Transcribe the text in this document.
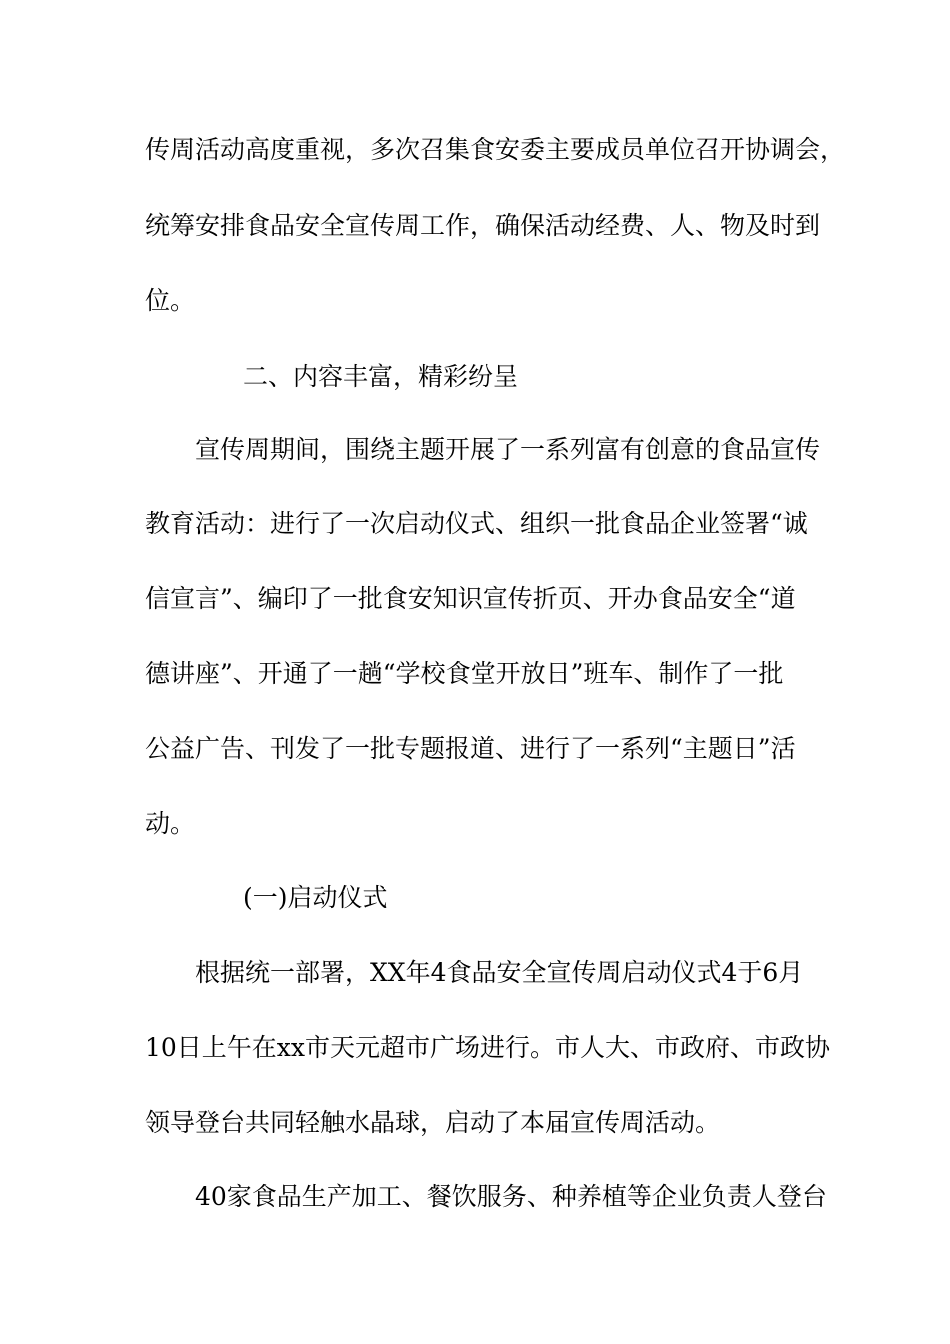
传周活动高度重视，多次召集食安委主要成员单位召开协调会，
统筹安排食品安全宣传周工作，确保活动经费、人、物及时到
位。
二、内容丰富，精彩纷呈
宣传周期间，围绕主题开展了一系列富有创意的食品宣传
教育活动：进行了一次启动仪式、组织一批食品企业签署“诚
信宣言”、编印了一批食安知识宣传折页、开办食品安全“道
德讲座”、开通了一趟“学校食堂开放日”班车、制作了一批
公益广告、刊发了一批专题报道、进行了一系列“主题日”活
动。
(一)启动仪式
根据统一部署，XX年4食品安全宣传周启动仪式4于6月
10日上午在xx市天元超市广场进行。市人大、市政府、市政协
领导登台共同轻触水晶球，启动了本届宣传周活动。
40家食品生产加工、餐饮服务、种养植等企业负责人登台
